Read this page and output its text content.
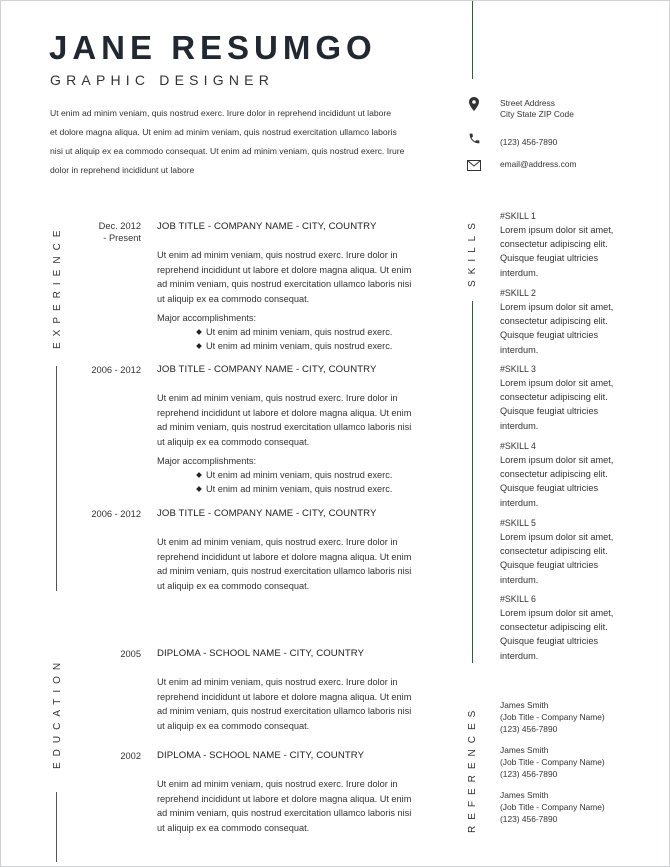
JANE RESUMGO
GRAPHIC DESIGNER

Ut enim ad minim veniam, quis nostrud exerc. Irure dolor in reprehend incididunt ut labore

et dolore magna aliqua. Ut enim ad minim veniam, quis nostrud exercitation ullamco laboris

nisi ut aliquip ex ea commodo consequat. Ut enim ad minim veniam, quis nostrud exerc. Irure

dolor in reprehend incididunt ut labore

Street Address
City State ZIP Code
(123) 456-7890
email@address.com
EXPERIENCE
EDUCATION
SKILLS
REFERENCES
Dec. 2012
- Present
JOB TITLE - COMPANY NAME - CITY, COUNTRY
Ut enim ad minim veniam, quis nostrud exerc. Irure dolor in reprehend incididunt ut labore et dolore magna aliqua. Ut enim ad minim veniam, quis nostrud exercitation ullamco laboris nisi ut aliquip ex ea commodo consequat.
Major accomplishments:
Ut enim ad minim veniam, quis nostrud exerc.
Ut enim ad minim veniam, quis nostrud exerc.
2006 - 2012 JOB TITLE - COMPANY NAME - CITY, COUNTRY
Ut enim ad minim veniam, quis nostrud exerc. Irure dolor in reprehend incididunt ut labore et dolore magna aliqua. Ut enim ad minim veniam, quis nostrud exercitation ullamco laboris nisi ut aliquip ex ea commodo consequat.
Major accomplishments:
Ut enim ad minim veniam, quis nostrud exerc.
Ut enim ad minim veniam, quis nostrud exerc.
2006 - 2012 JOB TITLE - COMPANY NAME - CITY, COUNTRY
Ut enim ad minim veniam, quis nostrud exerc. Irure dolor in reprehend incididunt ut labore et dolore magna aliqua. Ut enim ad minim veniam, quis nostrud exercitation ullamco laboris nisi ut aliquip ex ea commodo consequat.
2005 DIPLOMA - SCHOOL NAME - CITY, COUNTRY
Ut enim ad minim veniam, quis nostrud exerc. Irure dolor in reprehend incididunt ut labore et dolore magna aliqua. Ut enim ad minim veniam, quis nostrud exercitation ullamco laboris nisi ut aliquip ex ea commodo consequat.
2002 DIPLOMA - SCHOOL NAME - CITY, COUNTRY
Ut enim ad minim veniam, quis nostrud exerc. Irure dolor in reprehend incididunt ut labore et dolore magna aliqua. Ut enim ad minim veniam, quis nostrud exercitation ullamco laboris nisi ut aliquip ex ea commodo consequat.
#SKILL 1
Lorem ipsum dolor sit amet, consectetur adipiscing elit. Quisque feugiat ultricies interdum.
#SKILL 2
Lorem ipsum dolor sit amet, consectetur adipiscing elit. Quisque feugiat ultricies interdum.
#SKILL 3
Lorem ipsum dolor sit amet, consectetur adipiscing elit. Quisque feugiat ultricies interdum.
#SKILL 4
Lorem ipsum dolor sit amet, consectetur adipiscing elit. Quisque feugiat ultricies interdum.
#SKILL 5
Lorem ipsum dolor sit amet, consectetur adipiscing elit. Quisque feugiat ultricies interdum.
#SKILL 6
Lorem ipsum dolor sit amet, consectetur adipiscing elit. Quisque feugiat ultricies interdum.
James Smith
(Job Title - Company Name)
(123) 456-7890
James Smith
(Job Title - Company Name)
(123) 456-7890
James Smith
(Job Title - Company Name)
(123) 456-7890
